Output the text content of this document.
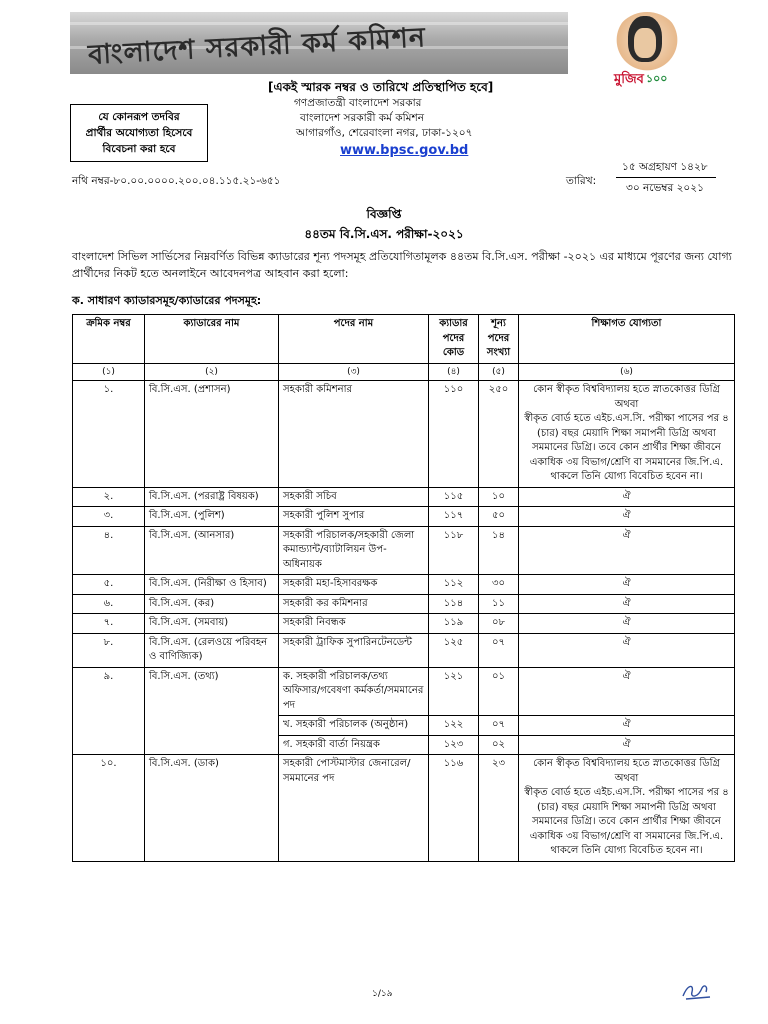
বাংলাদেশ সরকারী কর্ম কমিশন
মুজিব ১০০
[একই স্মারক নম্বর ও তারিখে প্রতিস্থাপিত হবে]
গণপ্রজাতন্ত্রী বাংলাদেশ সরকার
বাংলাদেশ সরকারী কর্ম কমিশন
আগারগাঁও, শেরেবাংলা নগর, ঢাকা-১২০৭
www.bpsc.gov.bd
যে কোনরূপ তদবির
প্রার্থীর অযোগ্যতা হিসেবে
বিবেচনা করা হবে
নথি নম্বর-৮০.০০.০০০০.২০০.০৪.১১৫.২১-৬৫১	তারিখ:
১৫ অগ্রহায়ণ ১৪২৮
৩০ নভেম্বর ২০২১
বিজ্ঞপ্তি
৪৪তম বি.সি.এস. পরীক্ষা-২০২১
বাংলাদেশ সিভিল সার্ভিসের নিম্নবর্ণিত বিভিন্ন ক্যাডারের শূন্য পদসমূহ প্রতিযোগিতামূলক ৪৪তম বি.সি.এস. পরীক্ষা -২০২১ এর মাধ্যমে পূরণের জন্য যোগ্য প্রার্থীদের নিকট হতে অনলাইনে আবেদনপত্র আহবান করা হলো:
ক. সাধারণ ক্যাডারসমূহ/ক্যাডারের পদসমূহ:
ক্রমিক নম্বর	ক্যাডারের নাম	পদের নাম	ক্যাডার পদের কোড	শূন্য পদের সংখ্যা	শিক্ষাগত যোগ্যতা
(১)	(২)	(৩)	(৪)	(৫)	(৬)
১.	বি.সি.এস. (প্রশাসন)	সহকারী কমিশনার	১১০	২৫০	কোন স্বীকৃত বিশ্ববিদ্যালয় হতে স্নাতকোত্তর ডিগ্রি
অথবা
স্বীকৃত বোর্ড হতে এইচ.এস.সি. পরীক্ষা পাসের পর ৪ (চার) বছর মেয়াদি শিক্ষা সমাপনী ডিগ্রি অথবা সমমানের ডিগ্রি। তবে কোন প্রার্থীর শিক্ষা জীবনে একাধিক ৩য় বিভাগ/শ্রেণি বা সমমানের জি.পি.এ. থাকলে তিনি যোগ্য বিবেচিত হবেন না।

২.	বি.সি.এস. (পররাষ্ট্র বিষয়ক)	সহকারী সচিব	১১৫	১০	ঐ
৩.	বি.সি.এস. (পুলিশ)	সহকারী পুলিশ সুপার	১১৭	৫০	ঐ
৪.	বি.সি.এস. (আনসার)	সহকারী পরিচালক/সহকারী জেলা কমান্ড্যান্ট/ব্যাটালিয়ন উপ-অধিনায়ক	১১৮	১৪	ঐ
৫.	বি.সি.এস. (নিরীক্ষা ও হিসাব)	সহকারী মহা-হিসাবরক্ষক	১১২	৩০	ঐ
৬.	বি.সি.এস. (কর)	সহকারী কর কমিশনার	১১৪	১১	ঐ
৭.	বি.সি.এস. (সমবায়)	সহকারী নিবন্ধক	১১৯	০৮	ঐ
৮.	বি.সি.এস. (রেলওয়ে পরিবহন ও বাণিজ্যিক)	সহকারী ট্রাফিক সুপারিনটেনডেন্ট	১২৫	০৭	ঐ
৯.	বি.সি.এস. (তথ্য)	ক. সহকারী পরিচালক/তথ্য অফিসার/গবেষণা কর্মকর্তা/সমমানের পদ	১২১	০১	ঐ
		খ. সহকারী পরিচালক (অনুষ্ঠান)	১২২	০৭	ঐ
		গ. সহকারী বার্তা নিয়ন্ত্রক	১২৩	০২	ঐ
১০.	বি.সি.এস. (ডাক)	সহকারী পোস্টমাস্টার জেনারেল/সমমানের পদ	১১৬	২৩	কোন স্বীকৃত বিশ্ববিদ্যালয় হতে স্নাতকোত্তর ডিগ্রি
অথবা
স্বীকৃত বোর্ড হতে এইচ.এস.সি. পরীক্ষা পাসের পর ৪ (চার) বছর মেয়াদি শিক্ষা সমাপনী ডিগ্রি অথবা সমমানের ডিগ্রি। তবে কোন প্রার্থীর শিক্ষা জীবনে একাধিক ৩য় বিভাগ/শ্রেণি বা সমমানের জি.পি.এ. থাকলে তিনি যোগ্য বিবেচিত হবেন না।
১/১৯
